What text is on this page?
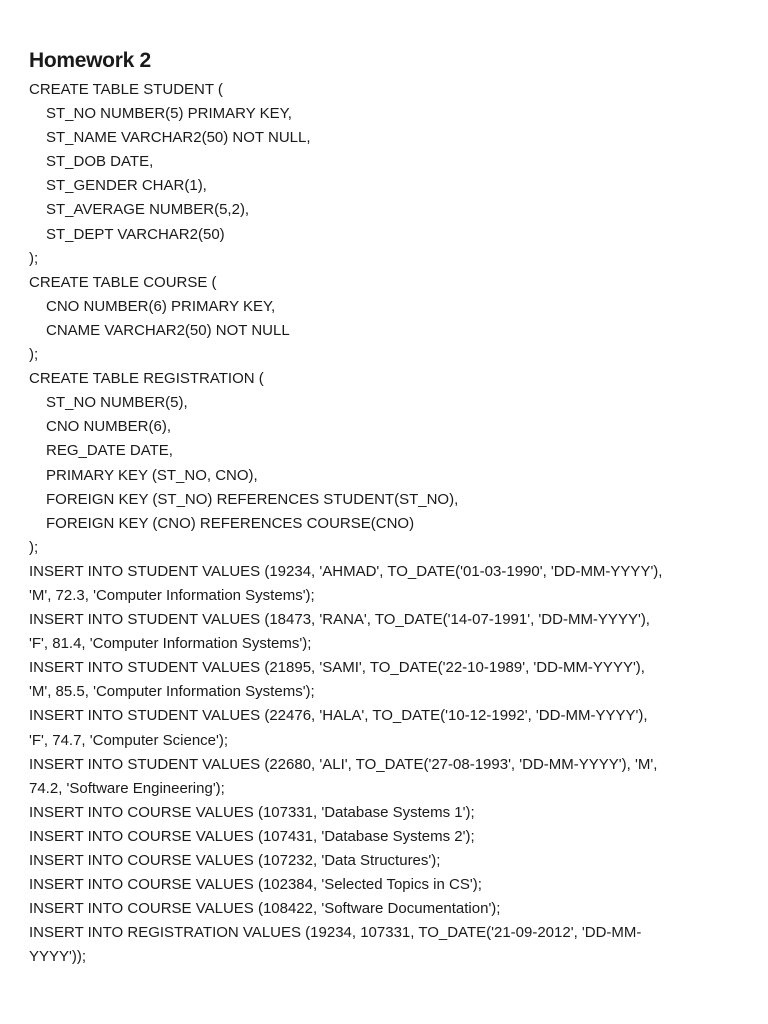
Homework 2
CREATE TABLE STUDENT (
ST_NO NUMBER(5) PRIMARY KEY,
ST_NAME VARCHAR2(50) NOT NULL,
ST_DOB DATE,
ST_GENDER CHAR(1),
ST_AVERAGE NUMBER(5,2),
ST_DEPT VARCHAR2(50)
);
CREATE TABLE COURSE (
CNO NUMBER(6) PRIMARY KEY,
CNAME VARCHAR2(50) NOT NULL
);
CREATE TABLE REGISTRATION (
ST_NO NUMBER(5),
CNO NUMBER(6),
REG_DATE DATE,
PRIMARY KEY (ST_NO, CNO),
FOREIGN KEY (ST_NO) REFERENCES STUDENT(ST_NO),
FOREIGN KEY (CNO) REFERENCES COURSE(CNO)
);
INSERT INTO STUDENT VALUES (19234, 'AHMAD', TO_DATE('01-03-1990', 'DD-MM-YYYY'),
'M', 72.3, 'Computer Information Systems');
INSERT INTO STUDENT VALUES (18473, 'RANA', TO_DATE('14-07-1991', 'DD-MM-YYYY'),
'F', 81.4, 'Computer Information Systems');
INSERT INTO STUDENT VALUES (21895, 'SAMI', TO_DATE('22-10-1989', 'DD-MM-YYYY'),
'M', 85.5, 'Computer Information Systems');
INSERT INTO STUDENT VALUES (22476, 'HALA', TO_DATE('10-12-1992', 'DD-MM-YYYY'),
'F', 74.7, 'Computer Science');
INSERT INTO STUDENT VALUES (22680, 'ALI', TO_DATE('27-08-1993', 'DD-MM-YYYY'), 'M',
74.2, 'Software Engineering');
INSERT INTO COURSE VALUES (107331, 'Database Systems 1');
INSERT INTO COURSE VALUES (107431, 'Database Systems 2');
INSERT INTO COURSE VALUES (107232, 'Data Structures');
INSERT INTO COURSE VALUES (102384, 'Selected Topics in CS');
INSERT INTO COURSE VALUES (108422, 'Software Documentation');
INSERT INTO REGISTRATION VALUES (19234, 107331, TO_DATE('21-09-2012', 'DD-MM-
YYYY'));
